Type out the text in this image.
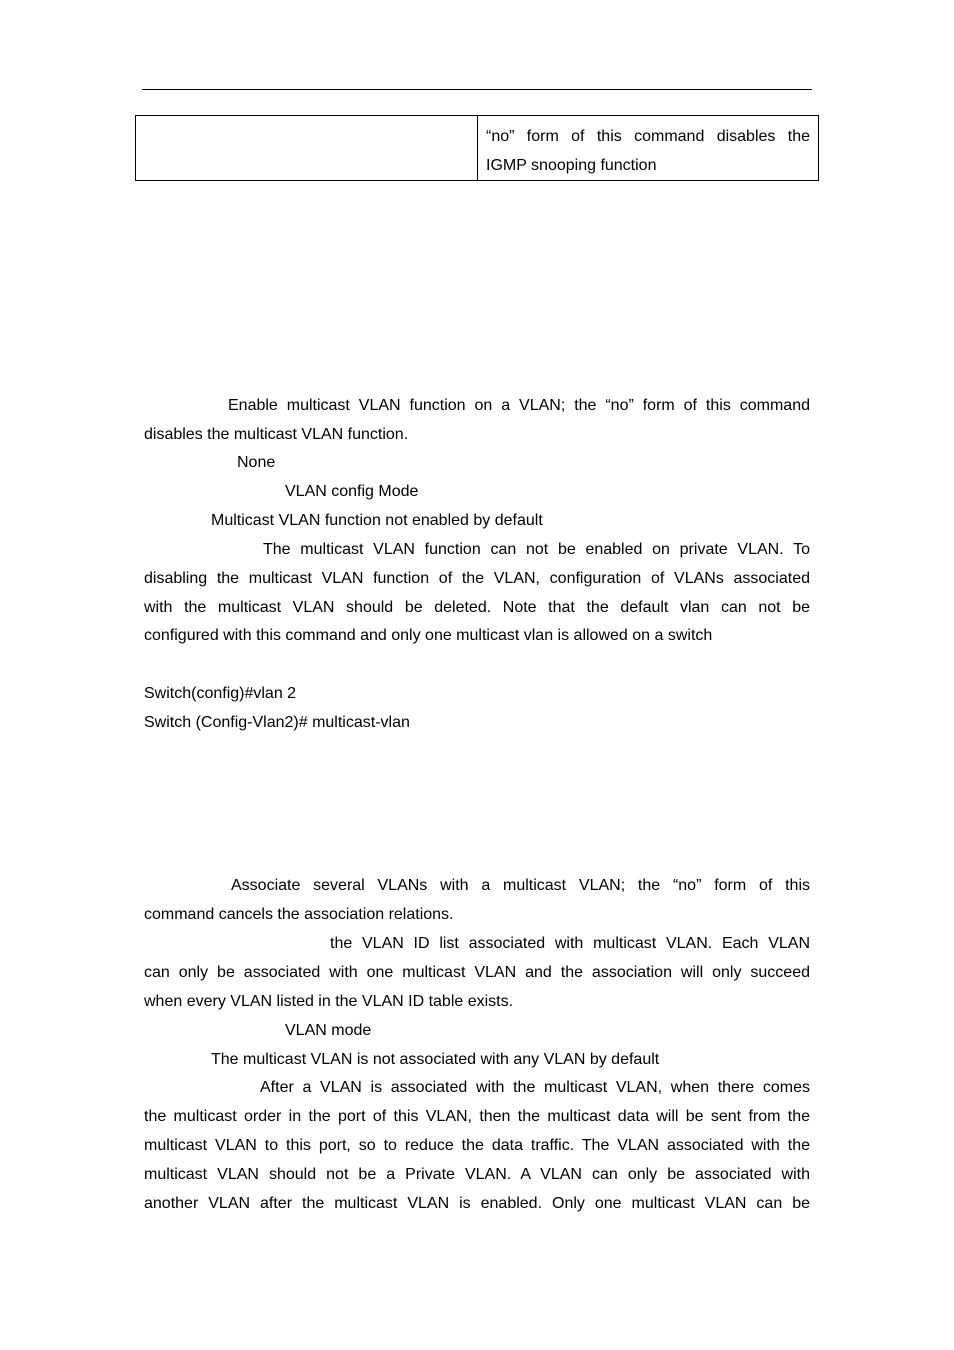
“no” form of this command disables the
IGMP snooping function
Enable multicast VLAN function on a VLAN; the “no” form of this command
disables the multicast VLAN function.
None
VLAN config Mode
Multicast VLAN function not enabled by default
The multicast VLAN function can not be enabled on private VLAN. To
disabling the multicast VLAN function of the VLAN, configuration of VLANs associated
with the multicast VLAN should be deleted. Note that the default vlan can not be
configured with this command and only one multicast vlan is allowed on a switch
Switch(config)#vlan 2
Switch (Config-Vlan2)# multicast-vlan
Associate several VLANs with a multicast VLAN; the “no” form of this
command cancels the association relations.
the VLAN ID list associated with multicast VLAN. Each VLAN
can only be associated with one multicast VLAN and the association will only succeed
when every VLAN listed in the VLAN ID table exists.
VLAN mode
The multicast VLAN is not associated with any VLAN by default
After a VLAN is associated with the multicast VLAN, when there comes
the multicast order in the port of this VLAN, then the multicast data will be sent from the
multicast VLAN to this port, so to reduce the data traffic. The VLAN associated with the
multicast VLAN should not be a Private VLAN. A VLAN can only be associated with
another VLAN after the multicast VLAN is enabled. Only one multicast VLAN can be
